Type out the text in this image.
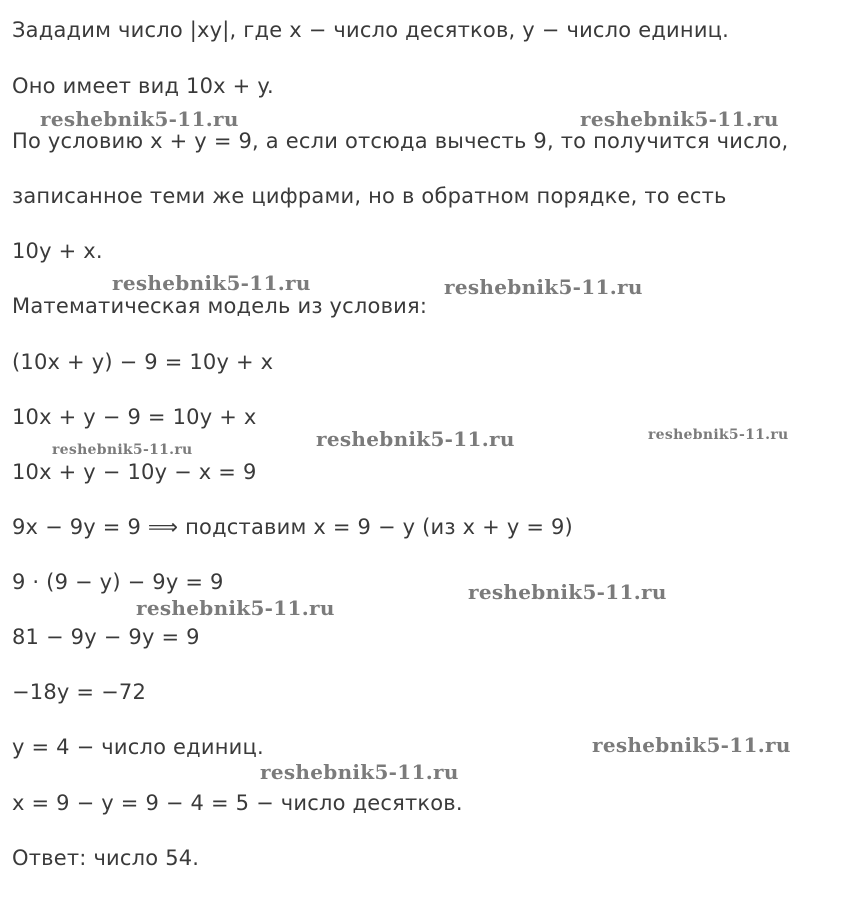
Зададим число |xy|, где x − число десятков, y − число единиц.
Оно имеет вид 10x + y.
По условию x + y = 9, а если отсюда вычесть 9, то получится число,
записанное теми же цифрами, но в обратном порядке, то есть
10y + x.
Математическая модель из условия:
(10x + y) − 9 = 10y + x
10x + y − 9 = 10y + x
10x + y − 10y − x = 9
9x − 9y = 9 ⟹ подставим x = 9 − y (из x + y = 9)
9 · (9 − y) − 9y = 9
81 − 9y − 9y = 9
−18y = −72
y = 4 − число единиц.
x = 9 − y = 9 − 4 = 5 − число десятков.
Ответ: число 54.
reshebnik5-11.ru	reshebnik5-11.ru
reshebnik5-11.ru	reshebnik5-11.ru
reshebnik5-11.ru	reshebnik5-11.ru	reshebnik5-11.ru
reshebnik5-11.ru
reshebnik5-11.ru
reshebnik5-11.ru
reshebnik5-11.ru
